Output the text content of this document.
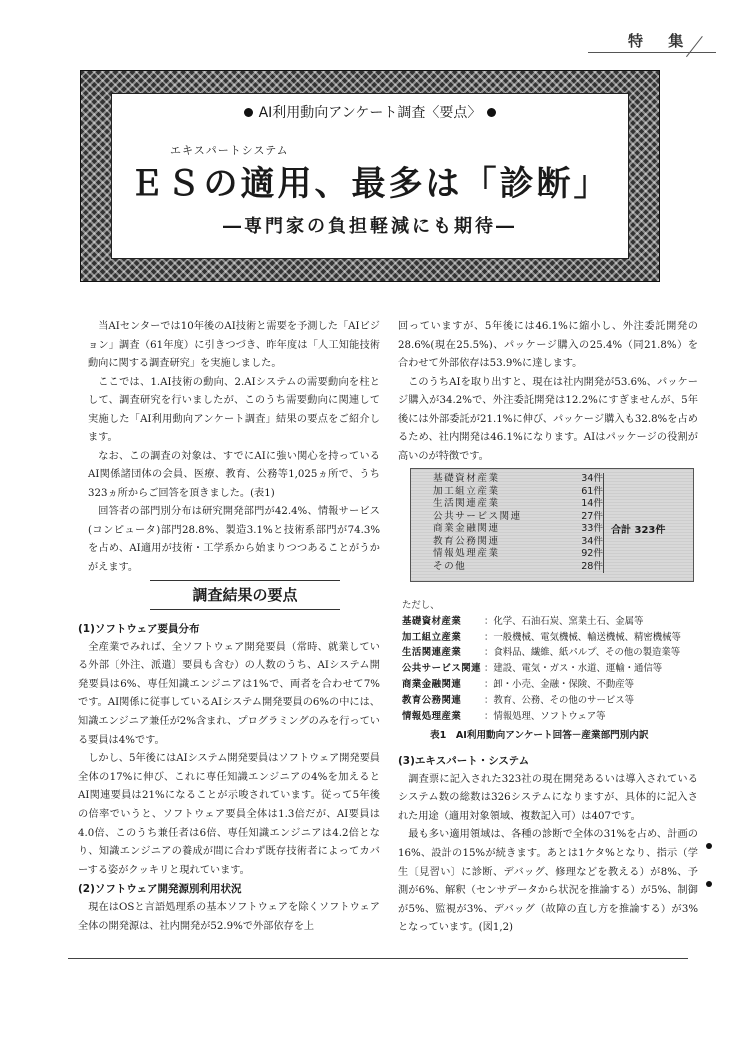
特 集
AI利用動向アンケート調査〈要点〉
エキスパートシステム
ＥＳの適用、最多は「診断」
―専門家の負担軽減にも期待―

当AIセンターでは10年後のAI技術と需要を予測した「AIビジョン」調査（61年度）に引きつづき、昨年度は「人工知能技術動向に関する調査研究」を実施しました。

ここでは、1.AI技術の動向、2.AIシステムの需要動向を柱として、調査研究を行いましたが、このうち需要動向に関連して実施した「AI利用動向アンケート調査」結果の要点をご紹介します。

なお、この調査の対象は、すでにAIに強い関心を持っているAI関係諸団体の会員、医療、教育、公務等1,025ヵ所で、うち323ヵ所からご回答を頂きました。(表1)

回答者の部門別分布は研究開発部門が42.4%、情報サービス(コンピュータ)部門28.8%、製造3.1%と技術系部門が74.3%を占め、AI適用が技術・工学系から始まりつつあることがうかがえます。

調査結果の要点

(1)ソフトウェア要員分布

全産業でみれば、全ソフトウェア開発要員（常時、就業している外部〔外注、派遣〕要員も含む）の人数のうち、AIシステム開発要員は6%、専任知識エンジニアは1%で、両者を合わせて7%です。AI関係に従事しているAIシステム開発要員の6%の中には、知識エンジニア兼任が2%含まれ、プログラミングのみを行っている要員は4%です。

しかし、5年後にはAIシステム開発要員はソフトウェア開発要員全体の17%に伸び、これに専任知識エンジニアの4%を加えるとAI関連要員は21%になることが示唆されています。従って5年後の倍率でいうと、ソフトウェア要員全体は1.3倍だが、AI要員は4.0倍、このうち兼任者は6倍、専任知識エンジニアは4.2倍となり、知識エンジニアの養成が間に合わず既存技術者によってカバーする姿がクッキリと現れています。

(2)ソフトウェア開発源別利用状況

現在はOSと言語処理系の基本ソフトウェアを除くソフトウェア全体の開発源は、社内開発が52.9%で外部依存を上

回っていますが、5年後には46.1%に縮小し、外注委託開発の28.6%(現在25.5%)、パッケージ購入の25.4%（同21.8%）を合わせて外部依存は53.9%に達します。

このうちAIを取り出すと、現在は社内開発が53.6%、パッケージ購入が34.2%で、外注委託開発は12.2%にすぎませんが、5年後には外部委託が21.1%に伸び、パッケージ購入も32.8%を占めるため、社内開発は46.1%になります。AIはパッケージの役割が高いのが特徴です。

基礎資材産業	34件
加工組立産業	61件
生活関連産業	14件
公共サービス関連	27件
商業金融関連	33件
教育公務関連	34件
情報処理産業	92件
その他	28件
合計 323件
ただし、
基礎資材産業	：化学、石油石炭、窯業土石、金属等
加工組立産業	：一般機械、電気機械、輸送機械、精密機械等
生活関連産業	：食料品、繊維、紙パルプ、その他の製造業等
公共サービス関連 ：建設、電気・ガス・水道、運輸・通信等
商業金融関連	：卸・小売、金融・保険、不動産等
教育公務関連	：教育、公務、その他のサービス等
情報処理産業	：情報処理、ソフトウェア等
表1　AI利用動向アンケート回答－産業部門別内訳

(3)エキスパート・システム

調査票に記入された323社の現在開発あるいは導入されているシステム数の総数は326システムになりますが、具体的に記入された用途（適用対象領域、複数記入可）は407です。

最も多い適用領域は、各種の診断で全体の31%を占め、計画の16%、設計の15%が続きます。あとは1ケタ%となり、指示（学生〔見習い〕に診断、デバッグ、修理などを教える）が8%、予測が6%、解釈（センサデータから状況を推論する）が5%、制御が5%、監視が3%、デバッグ（故障の直し方を推論する）が3%となっています。(図1,2)
